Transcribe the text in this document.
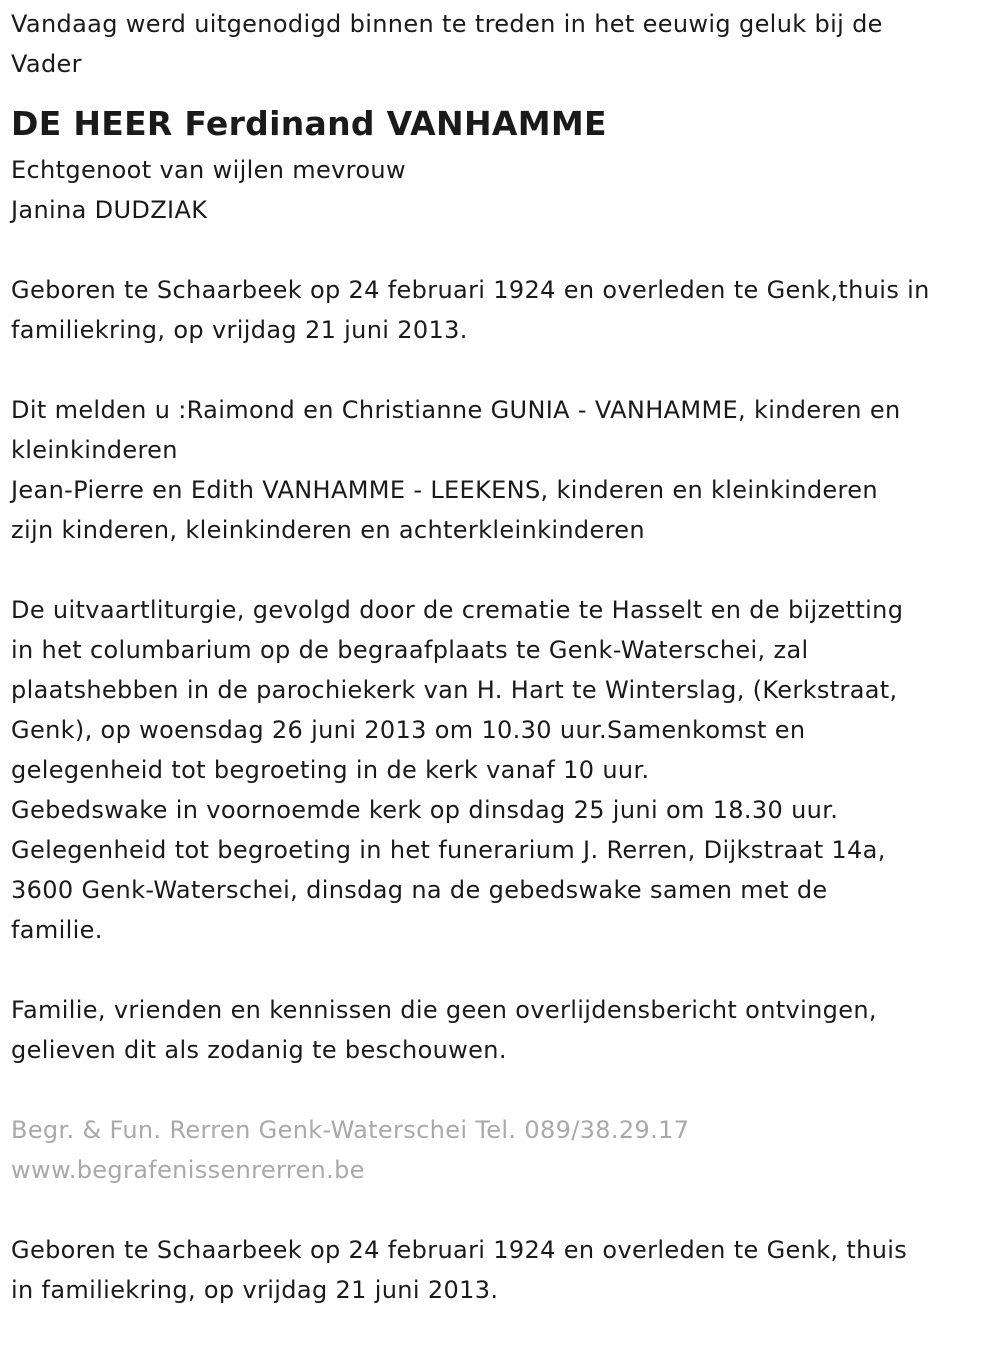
Vandaag werd uitgenodigd binnen te treden in het eeuwig geluk bij de

Vader

DE HEER Ferdinand VANHAMME

Echtgenoot van wijlen mevrouw

Janina DUDZIAK

Geboren te Schaarbeek op 24 februari 1924 en overleden te Genk,thuis in

familiekring, op vrijdag 21 juni 2013.

Dit melden u :Raimond en Christianne GUNIA - VANHAMME, kinderen en

kleinkinderen

Jean-Pierre en Edith VANHAMME - LEEKENS, kinderen en kleinkinderen

zijn kinderen, kleinkinderen en achterkleinkinderen

De uitvaartliturgie, gevolgd door de crematie te Hasselt en de bijzetting

in het columbarium op de begraafplaats te Genk-Waterschei, zal

plaatshebben in de parochiekerk van H. Hart te Winterslag, (Kerkstraat,

Genk), op woensdag 26 juni 2013 om 10.30 uur.Samenkomst en

gelegenheid tot begroeting in de kerk vanaf 10 uur.

Gebedswake in voornoemde kerk op dinsdag 25 juni om 18.30 uur.

Gelegenheid tot begroeting in het funerarium J. Rerren, Dijkstraat 14a,

3600 Genk-Waterschei, dinsdag na de gebedswake samen met de

familie.

Familie, vrienden en kennissen die geen overlijdensbericht ontvingen,

gelieven dit als zodanig te beschouwen.

Begr. & Fun. Rerren Genk-Waterschei Tel. 089/38.29.17

www.begrafenissenrerren.be

Geboren te Schaarbeek op 24 februari 1924 en overleden te Genk, thuis

in familiekring, op vrijdag 21 juni 2013.
